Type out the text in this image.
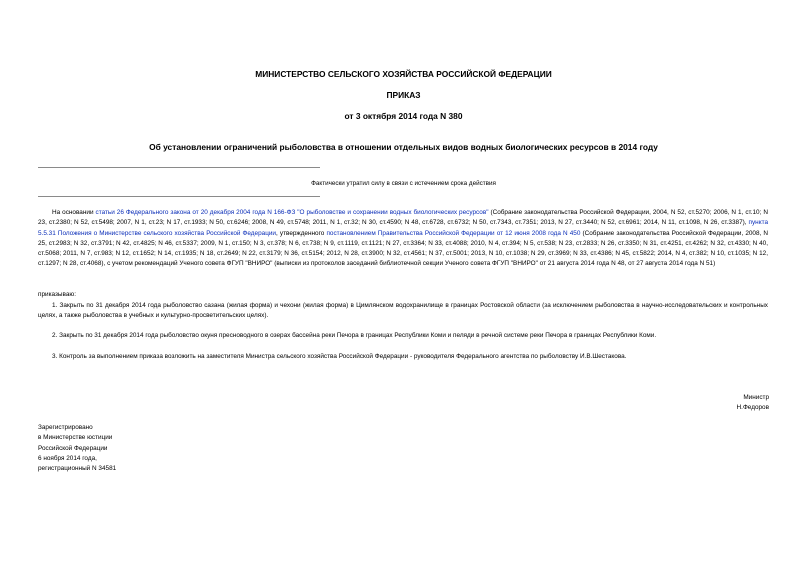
МИНИСТЕРСТВО СЕЛЬСКОГО ХОЗЯЙСТВА РОССИЙСКОЙ ФЕДЕРАЦИИ
ПРИКАЗ
от 3 октября 2014 года N 380
Об установлении ограничений рыболовства в отношении отдельных видов водных биологических ресурсов в 2014 году
Фактически утратил силу в связи с истечением срока действия
На основании статьи 26 Федерального закона от 20 декабря 2004 года N 166-ФЗ "О рыболовстве и сохранении водных биологических ресурсов" (Собрание законодательства Российской Федерации, 2004, N 52, ст.5270; 2006, N 1, ст.10; N 23, ст.2380; N 52, ст.5498; 2007, N 1, ст.23; N 17, ст.1933; N 50, ст.6246; 2008, N 49, ст.5748; 2011, N 1, ст.32; N 30, ст.4590; N 48, ст.6728, ст.6732; N 50, ст.7343, ст.7351; 2013, N 27, ст.3440; N 52, ст.6961; 2014, N 11, ст.1098, N 26, ст.3387), пункта 5.5.31 Положения о Министерстве сельского хозяйства Российской Федерации, утвержденного постановлением Правительства Российской Федерации от 12 июня 2008 года N 450 (Собрание законодательства Российской Федерации, 2008, N 25, ст.2983; N 32, ст.3791; N 42, ст.4825; N 46, ст.5337; 2009, N 1, ст.150; N 3, ст.378; N 6, ст.738; N 9, ст.1119, ст.1121; N 27, ст.3364; N 33, ст.4088; 2010, N 4, ст.394; N 5, ст.538; N 23, ст.2833; N 26, ст.3350; N 31, ст.4251, ст.4262; N 32, ст.4330; N 40, ст.5068; 2011, N 7, ст.983; N 12, ст.1652; N 14, ст.1935; N 18, ст.2649; N 22, ст.3179; N 36, ст.5154; 2012, N 28, ст.3900; N 32, ст.4561; N 37, ст.5001; 2013, N 10, ст.1038; N 29, ст.3969; N 33, ст.4386; N 45, ст.5822; 2014, N 4, ст.382; N 10, ст.1035; N 12, ст.1297; N 28, ст.4068), с учетом рекомендаций Ученого совета ФГУП "ВНИРО" (выписки из протоколов заседаний библиотечной секции Ученого совета ФГУП "ВНИРО" от 21 августа 2014 года N 48, от 27 августа 2014 года N 51)
приказываю:
1. Закрыть по 31 декабря 2014 года рыболовство сазана (жилая форма) и чехони (жилая форма) в Цимлянском водохранилище в границах Ростовской области (за исключением рыболовства в научно-исследовательских и контрольных целях, а также рыболовства в учебных и культурно-просветительских целях).
2. Закрыть по 31 декабря 2014 года рыболовство окуня пресноводного в озерах бассейна реки Печора в границах Республики Коми и пеляди в речной системе реки Печора в границах Республики Коми.
3. Контроль за выполнением приказа возложить на заместителя Министра сельского хозяйства Российской Федерации - руководителя Федерального агентства по рыболовству И.В.Шестакова.
Министр
Н.Федоров
Зарегистрировано
в Министерстве юстиции
Российской Федерации
6 ноября 2014 года,
регистрационный N 34581
